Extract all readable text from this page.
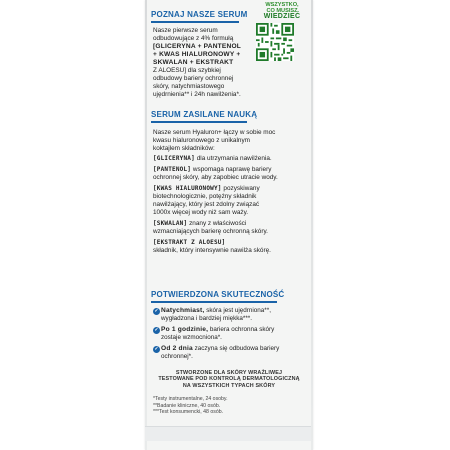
POZNAJ NASZE SERUM
Nasze pierwsze serum
odbudowujące z 4% formułą
[GLICERYNA + PANTENOL
+ KWAS HIALURONOWY +
SKWALAN + EKSTRAKT
Z ALOESU] dla szybkiej
odbudowy bariery ochronnej
skóry, natychmiastowego
ujędrnienia** i 24h nawilżenia*.
WSZYSTKO,
CO MUSISZ
WIEDZIEĆ
SERUM ZASILANE NAUKĄ
Nasze serum Hyaluron+ łączy w sobie moc
kwasu hialuronowego z unikalnym
koktajlem składników:
[GLICERYNA] dla utrzymania nawilżenia.
[PANTENOL] wspomaga naprawę bariery
ochronnej skóry, aby zapobiec utracie wody.
[KWAS HIALURONOWY] pozyskiwany
biotechnologicznie, potężny składnik
nawilżający, który jest zdolny związać
1000x więcej wody niż sam waży.
[SKWALAN] znany z właściwości
wzmacniających barierę ochronną skóry.
[EKSTRAKT Z ALOESU]
składnik, który intensywnie nawilża skórę.
POTWIERDZONA SKUTECZNOŚĆ
✓ Natychmiast, skóra jest ujędrniona**,
wygładzona i bardziej miękka***.
✓ Po 1 godzinie, bariera ochronna skóry
zostaje wzmocniona*.
✓ Od 2 dnia zaczyna się odbudowa bariery
ochronnej*.
STWORZONE DLA SKÓRY WRAŻLIWEJ
TESTOWANE POD KONTROLĄ DERMATOLOGICZNĄ
NA WSZYSTKICH TYPACH SKÓRY
*Testy instrumentalne, 24 osoby.
**Badanie kliniczne, 40 osób.
***Test konsumencki, 48 osób.
